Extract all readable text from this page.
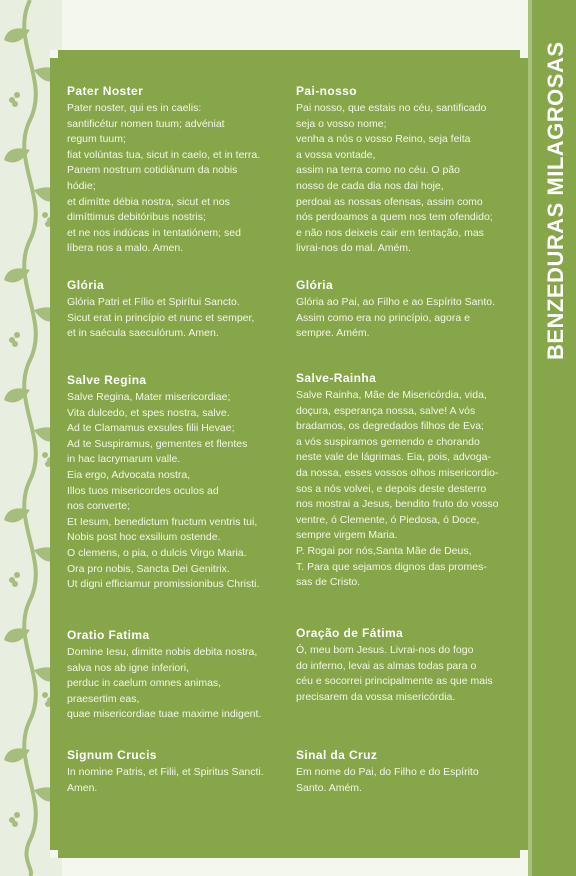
BENZEDURAS MILAGROSAS
Pater Noster

Pater noster, qui es in caelis:
santificétur nomen tuum; advéniat
regum tuum;
fiat volúntas tua, sicut in caelo, et in terra.
Panem nostrum cotidiánum da nobis
hódie;
et dimítte débia nostra, sicut et nos
dimíttimus debitóribus nostris;
et ne nos indúcas in tentatiónem; sed
líbera nos a malo. Amen.

Pai-nosso

Pai nosso, que estais no céu, santificado
seja o vosso nome;
venha a nós o vosso Reino, seja feita
a vossa vontade,
assim na terra como no céu. O pão
nosso de cada dia nos dai hoje,
perdoai as nossas ofensas, assim como
nós perdoamos a quem nos tem ofendido;
e não nos deixeis cair em tentação, mas
livrai-nos do mal. Amém.

Glória

Glória Patri et Fílio et Spirítui Sancto.
Sicut erat in princípio et nunc et semper,
et in saécula saeculórum. Amen.

Glória

Glória ao Pai, ao Filho e ao Espírito Santo.
Assim como era no princípio, agora e
sempre. Amém.

Salve Regina

Salve Regina, Mater misericordiae;
Vita dulcedo, et spes nostra, salve.
Ad te Clamamus exsules filii Hevae;
Ad te Suspiramus, gementes et flentes
in hac lacrymarum valle.
Eia ergo, Advocata nostra,
Illos tuos misericordes oculos ad
nos converte;
Et Iesum, benedictum fructum ventris tui,
Nobis post hoc exsilium ostende.
O clemens, o pia, o dulcis Virgo Maria.
Ora pro nobis, Sancta Dei Genitrix.
Ut digni efficiamur promissionibus Christi.

Salve-Rainha

Salve Rainha, Mãe de Misericórdia, vida,
doçura, esperança nossa, salve! A vós
bradamos, os degredados filhos de Eva;
a vós suspiramos gemendo e chorando
neste vale de lágrimas. Eia, pois, advoga-
da nossa, esses vossos olhos misericordio-
sos a nós volvei, e depois deste desterro
nos mostrai a Jesus, bendito fruto do vosso
ventre, ó Clemente, ó Piedosa, ó Doce,
sempre virgem Maria.
P. Rogai por nós,Santa Mãe de Deus,
T. Para que sejamos dignos das promes-
sas de Cristo.

Oratio Fatima

Domine Iesu, dimitte nobis debita nostra,
salva nos ab igne inferiori,
perduc in caelum omnes animas,
praesertim eas,
quae misericordiae tuae maxime indigent.

Oração de Fátima

Ó, meu bom Jesus. Livrai-nos do fogo
do inferno, levai as almas todas para o
céu e socorrei principalmente as que mais
precisarem da vossa misericórdia.

Signum Crucis

In nomine Patris, et Filii, et Spiritus Sancti.
Amen.

Sinal da Cruz

Em nome do Pai, do Filho e do Espírito
Santo. Amém.
